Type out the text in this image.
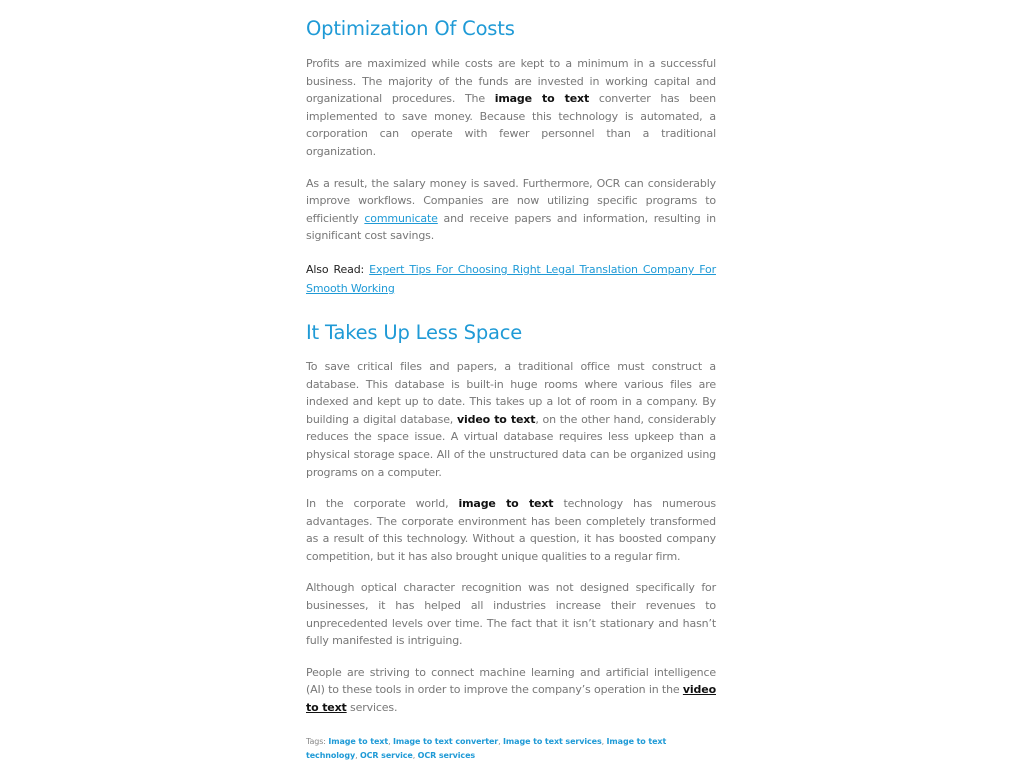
Optimization Of Costs

Profits are maximized while costs are kept to a minimum in a successful business. The majority of the funds are invested in working capital and organizational procedures. The image to text converter has been implemented to save money. Because this technology is automated, a corporation can operate with fewer personnel than a traditional organization.

As a result, the salary money is saved. Furthermore, OCR can considerably improve workflows. Companies are now utilizing specific programs to efficiently communicate and receive papers and information, resulting in significant cost savings.

Also Read: Expert Tips For Choosing Right Legal Translation Company For Smooth Working

It Takes Up Less Space

To save critical files and papers, a traditional office must construct a database. This database is built-in huge rooms where various files are indexed and kept up to date. This takes up a lot of room in a company. By building a digital database, video to text, on the other hand, considerably reduces the space issue. A virtual database requires less upkeep than a physical storage space. All of the unstructured data can be organized using programs on a computer.

In the corporate world, image to text technology has numerous advantages. The corporate environment has been completely transformed as a result of this technology. Without a question, it has boosted company competition, but it has also brought unique qualities to a regular firm.

Although optical character recognition was not designed specifically for businesses, it has helped all industries increase their revenues to unprecedented levels over time. The fact that it isn’t stationary and hasn’t fully manifested is intriguing.

People are striving to connect machine learning and artificial intelligence (AI) to these tools in order to improve the company’s operation in the video to text services.

Tags: Image to text, Image to text converter, Image to text services, Image to text technology, OCR service, OCR services
